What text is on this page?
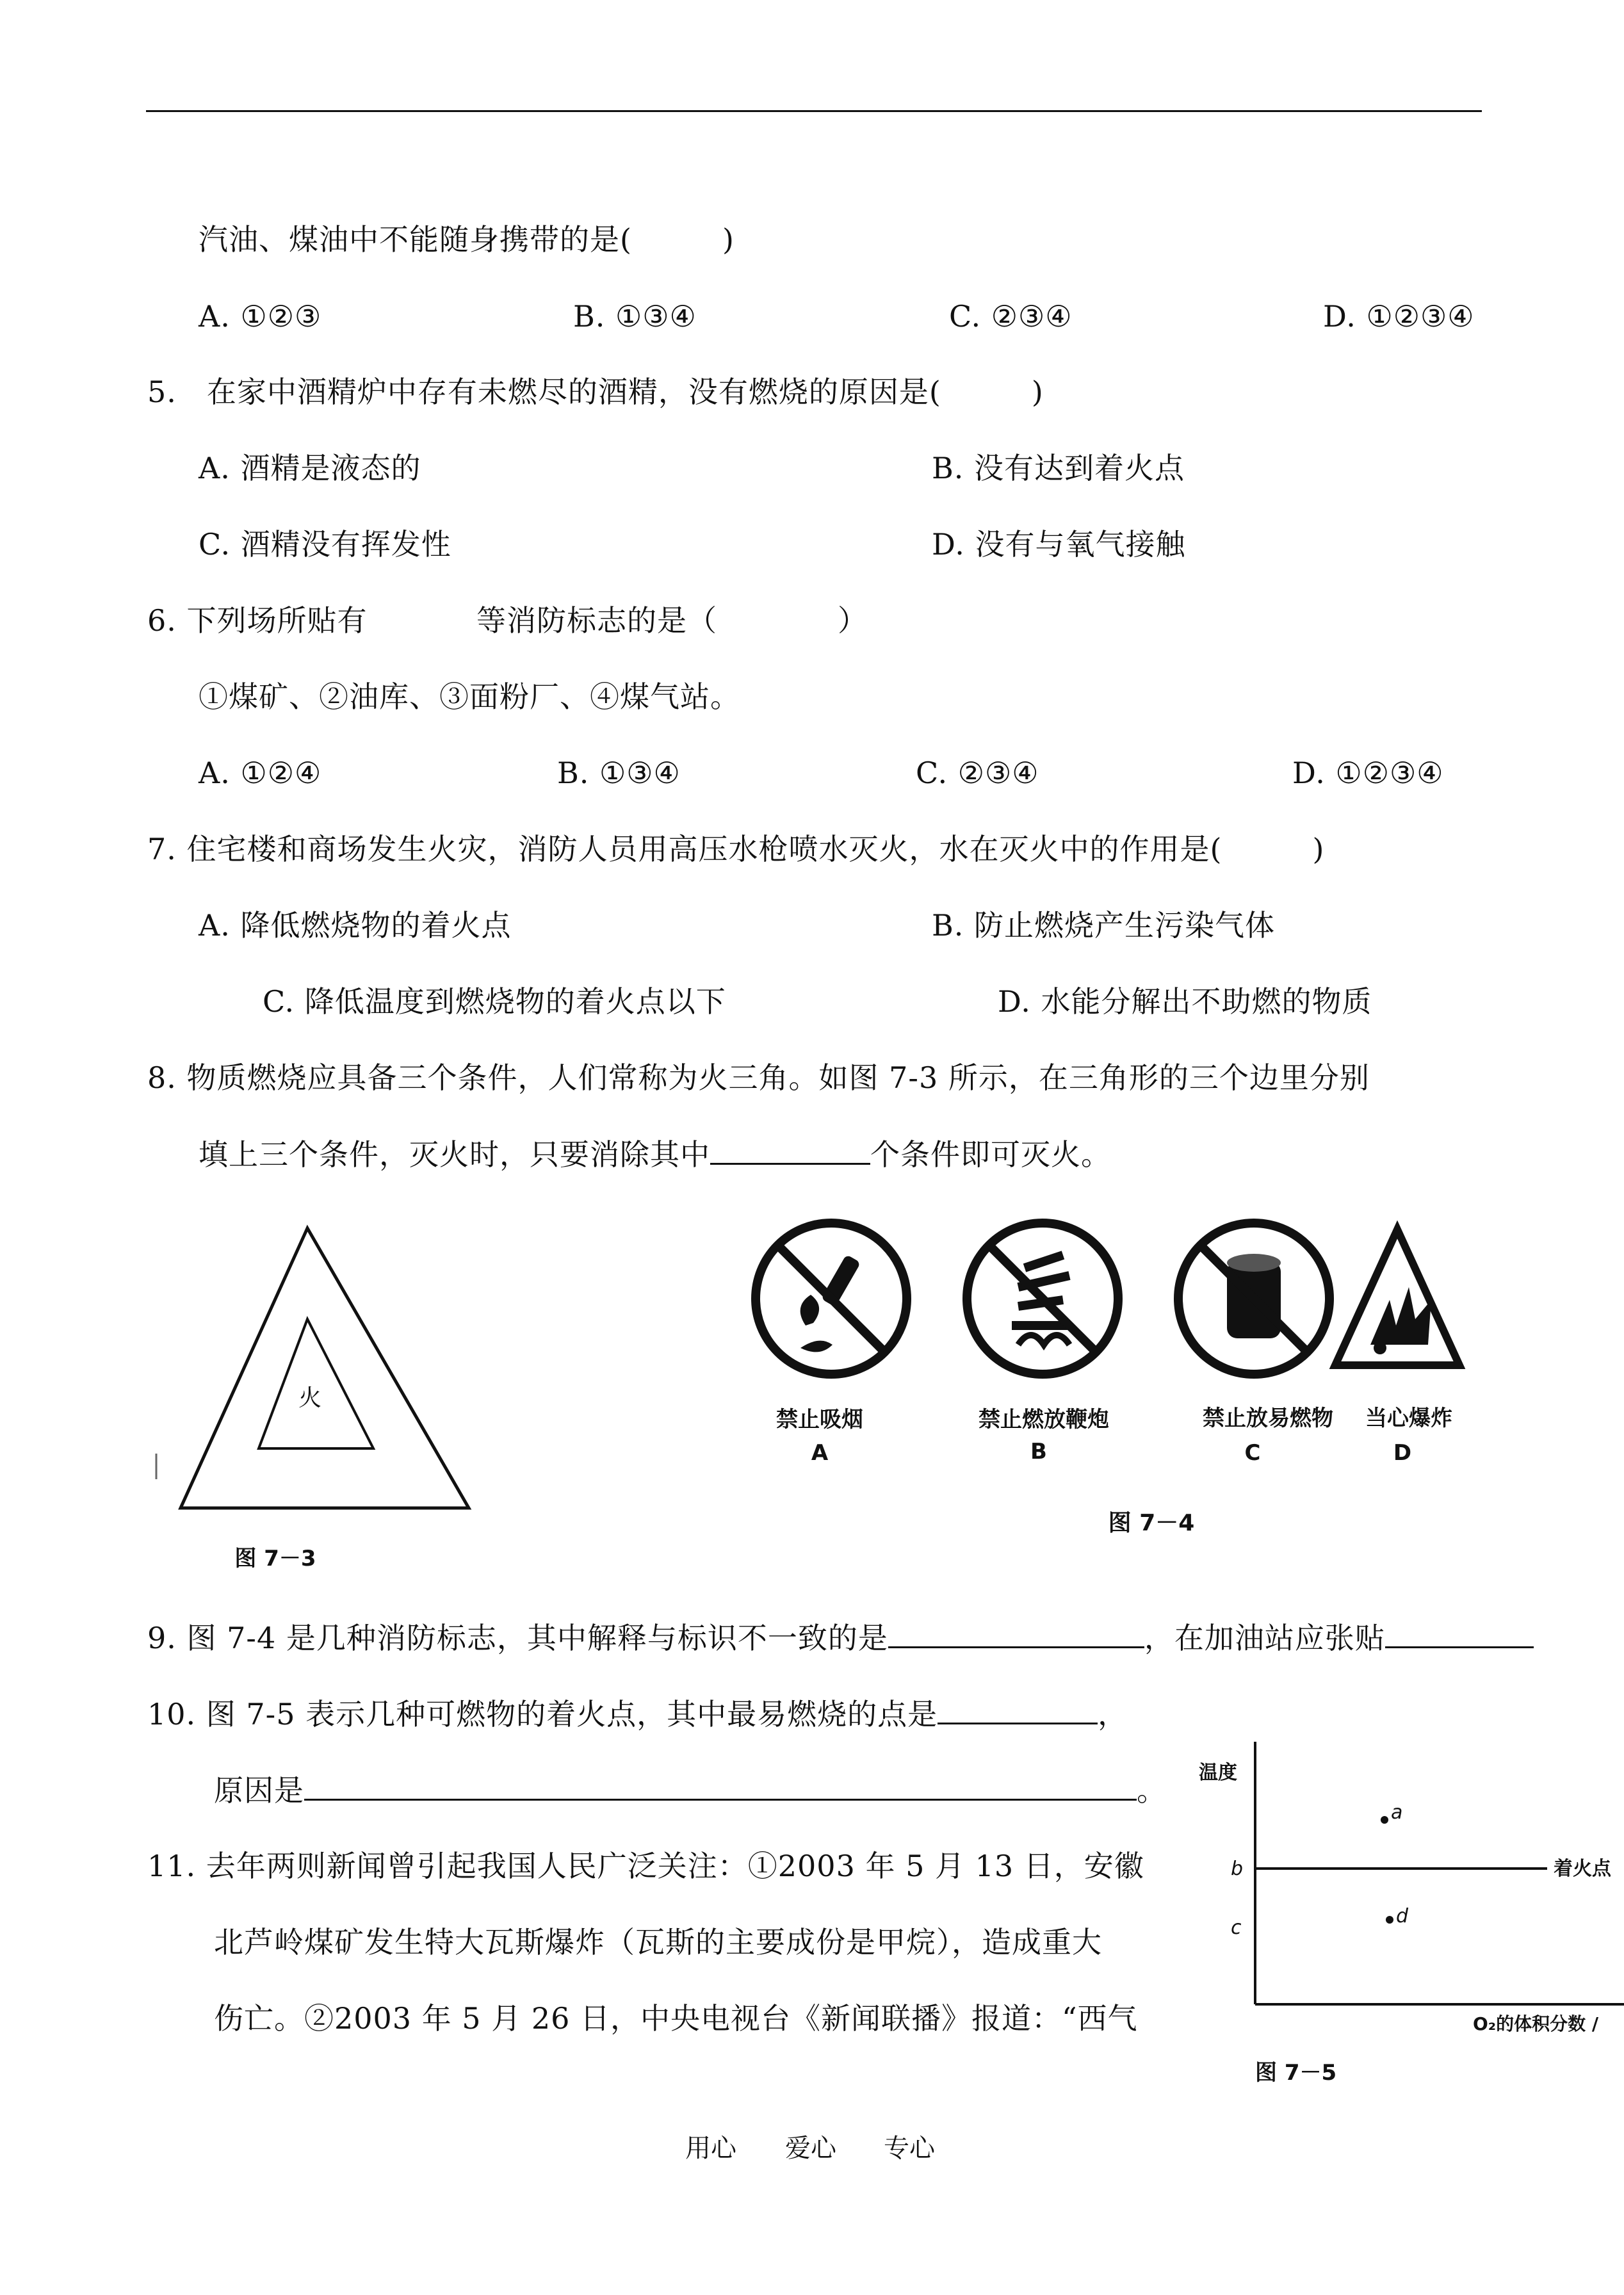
汽油、煤油中不能随身携带的是(　　　)
A. ①②③	B. ①③④	C. ②③④	D. ①②③④
5.　在家中酒精炉中存有未燃尽的酒精，没有燃烧的原因是(　　　)
A. 酒精是液态的	B. 没有达到着火点
C. 酒精没有挥发性	D. 没有与氧气接触
6. 下列场所贴有	等消防标志的是（　　　　）
①煤矿、②油库、③面粉厂、④煤气站。
A. ①②④	B. ①③④	C. ②③④	D. ①②③④
7. 住宅楼和商场发生火灾，消防人员用高压水枪喷水灭火，水在灭火中的作用是(　　　)
A. 降低燃烧物的着火点	B. 防止燃烧产生污染气体
C. 降低温度到燃烧物的着火点以下	D. 水能分解出不助燃的物质
8. 物质燃烧应具备三个条件，人们常称为火三角。如图 7-3 所示，在三角形的三个边里分别
填上三个条件，灭火时，只要消除其中	个条件即可灭火。
火
图 7－3
禁止吸烟
A
禁止燃放鞭炮
B
禁止放易燃物
C
当心爆炸
D
图 7－4
9. 图 7-4 是几种消防标志，其中解释与标识不一致的是	，在加油站应张贴
10. 图 7-5 表示几种可燃物的着火点，其中最易燃烧的点是	，
原因是	。
11. 去年两则新闻曾引起我国人民广泛关注：①2003 年 5 月 13 日，安徽
北芦岭煤矿发生特大瓦斯爆炸（瓦斯的主要成份是甲烷），造成重大
伤亡。②2003 年 5 月 26 日，中央电视台《新闻联播》报道：“西气
温度
着火点
b
c
a
d
O₂的体积分数 /
图 7－5
用心 爱心 专心
